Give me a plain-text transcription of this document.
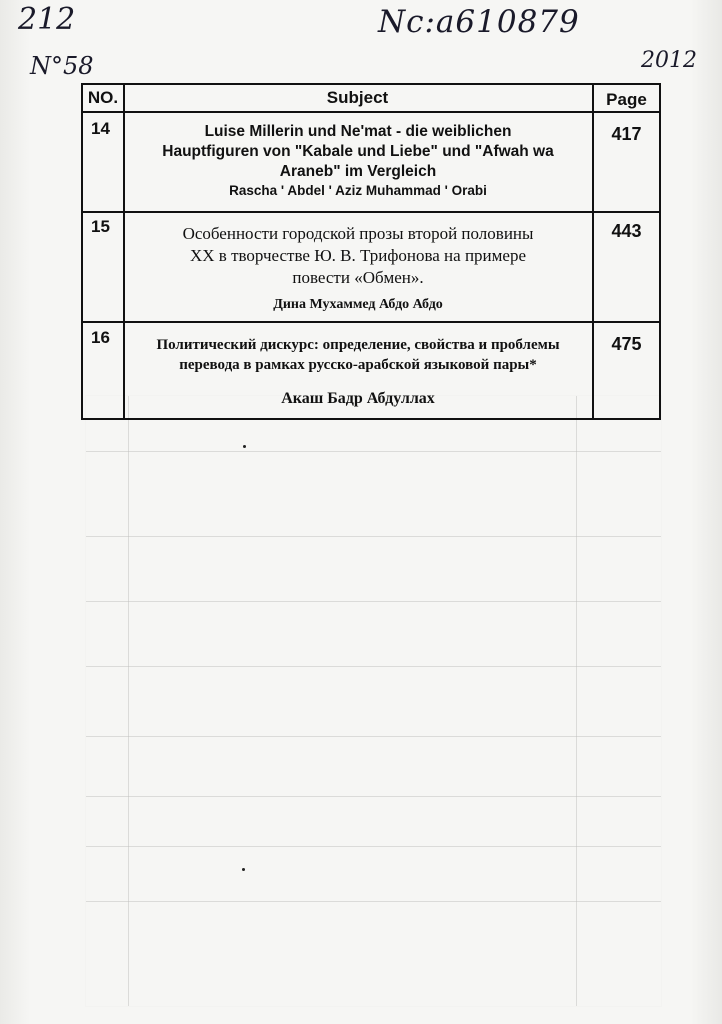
212	Nc:a610879
N°58	2012
NO.	Subject	Page
14	Luise Millerin und Ne'mat - die weiblichen
Hauptfiguren von "Kabale und Liebe" und "Afwah wa
Araneb" im Vergleich
Rascha ' Abdel ' Aziz Muhammad ' Orabi
417
15	Особенности городской прозы второй половины
XX в творчестве Ю. В. Трифонова на примере
повести «Обмен».
Дина Мухаммед Абдо Абдо
443
16	Политический дискурс: определение, свойства и проблемы
перевода в рамках русско-арабской языковой пары*
Акаш Бадр Абдуллах
475
